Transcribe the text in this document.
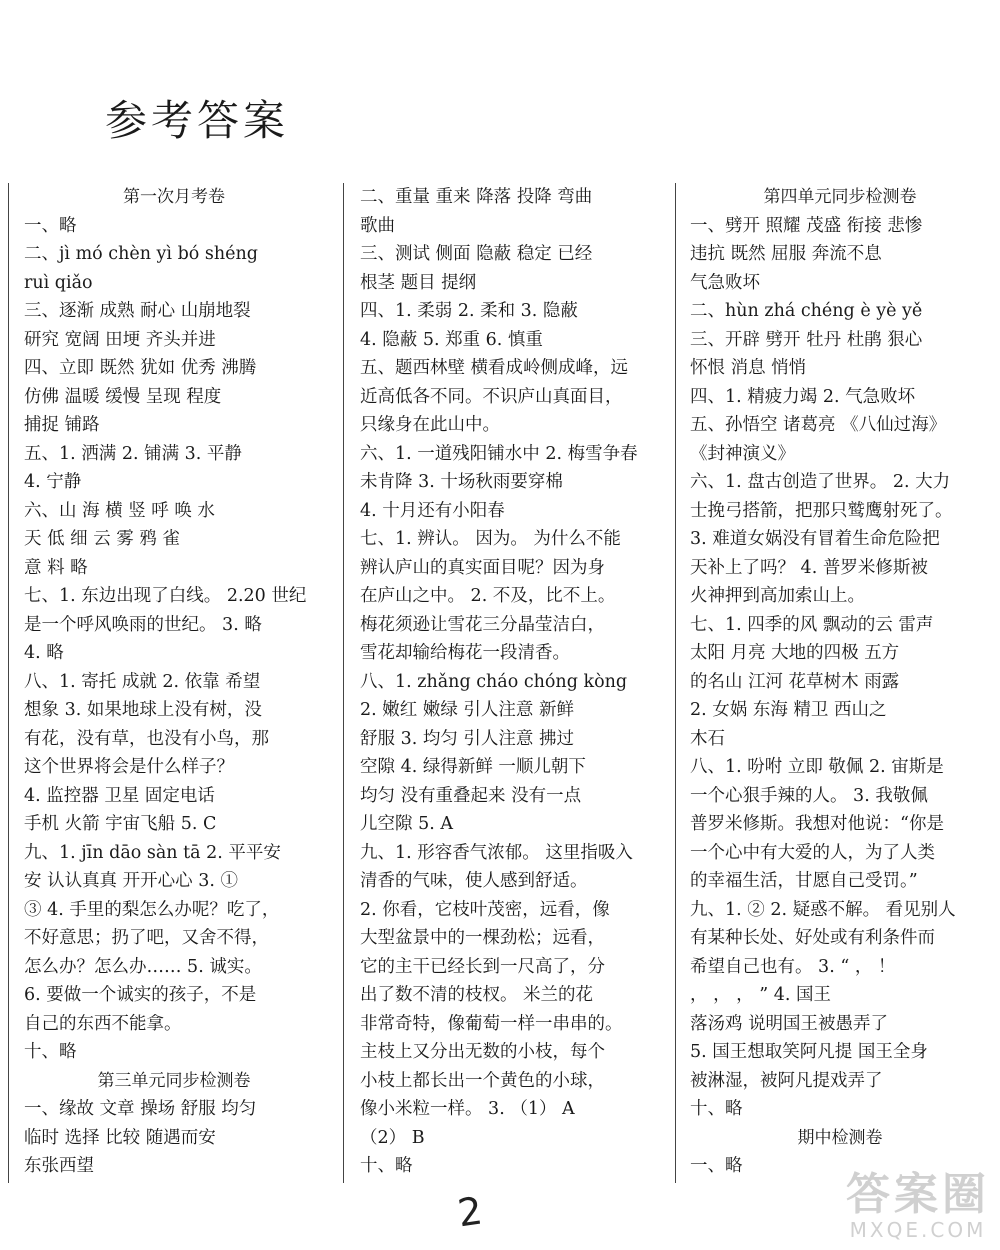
参考答案
第一次月考卷
一、略
二、jì mó chèn yì bó shéng
ruì qiǎo
三、逐渐 成熟 耐心 山崩地裂
研究 宽阔 田埂 齐头并进
四、立即 既然 犹如 优秀 沸腾
仿佛 温暖 缓慢 呈现 程度
捕捉 铺路
五、1. 洒满 2. 铺满 3. 平静
4. 宁静
六、山 海 横 竖 呼 唤 水
天 低 细 云 雾 鸦 雀
意 料 略
七、1. 东边出现了白线。 2.20 世纪
是一个呼风唤雨的世纪。 3. 略
4. 略
八、1. 寄托 成就 2. 依靠 希望
想象 3. 如果地球上没有树，没
有花，没有草，也没有小鸟，那
这个世界将会是什么样子？
4. 监控器 卫星 固定电话
手机 火箭 宇宙飞船 5. C
九、1. jīn dāo sàn tā 2. 平平安
安 认认真真 开开心心 3. ①
③ 4. 手里的梨怎么办呢？吃了，
不好意思；扔了吧，又舍不得，
怎么办？怎么办…… 5. 诚实。
6. 要做一个诚实的孩子，不是
自己的东西不能拿。
十、略
第三单元同步检测卷
一、缘故 文章 操场 舒服 均匀
临时 选择 比较 随遇而安
东张西望
二、重量 重来 降落 投降 弯曲
歌曲
三、测试 侧面 隐蔽 稳定 已经
根茎 题目 提纲
四、1. 柔弱 2. 柔和 3. 隐蔽
4. 隐蔽 5. 郑重 6. 慎重
五、题西林壁 横看成岭侧成峰，远
近高低各不同。不识庐山真面目，
只缘身在此山中。
六、1. 一道残阳铺水中 2. 梅雪争春
未肯降 3. 十场秋雨要穿棉
4. 十月还有小阳春
七、1. 辨认。 因为。 为什么不能
辨认庐山的真实面目呢？因为身
在庐山之中。 2. 不及，比不上。
梅花须逊让雪花三分晶莹洁白，
雪花却输给梅花一段清香。
八、1. zhǎng cháo chóng kòng
2. 嫩红 嫩绿 引人注意 新鲜
舒服 3. 均匀 引人注意 拂过
空隙 4. 绿得新鲜 一顺儿朝下
均匀 没有重叠起来 没有一点
儿空隙 5. A
九、1. 形容香气浓郁。 这里指吸入
清香的气味，使人感到舒适。
2. 你看，它枝叶茂密，远看，像
大型盆景中的一棵劲松；远看，
它的主干已经长到一尺高了，分
出了数不清的枝杈。 米兰的花
非常奇特，像葡萄一样一串串的。
主枝上又分出无数的小枝，每个
小枝上都长出一个黄色的小球，
像小米粒一样。 3. （1） A
（2） B
十、略
第四单元同步检测卷
一、劈开 照耀 茂盛 衔接 悲惨
违抗 既然 屈服 奔流不息
气急败坏
二、hùn zhá chéng è yè yě
三、开辟 劈开 牡丹 杜鹃 狠心
怀恨 消息 悄悄
四、1. 精疲力竭 2. 气急败坏
五、孙悟空 诸葛亮 《八仙过海》
《封神演义》
六、1. 盘古创造了世界。 2. 大力
士挽弓搭箭，把那只鹫鹰射死了。
3. 难道女娲没有冒着生命危险把
天补上了吗？ 4. 普罗米修斯被
火神押到高加索山上。
七、1. 四季的风 飘动的云 雷声
太阳 月亮 大地的四极 五方
的名山 江河 花草树木 雨露
2. 女娲 东海 精卫 西山之
木石
八、1. 吩咐 立即 敬佩 2. 宙斯是
一个心狠手辣的人。 3. 我敬佩
普罗米修斯。我想对他说：“你是
一个心中有大爱的人，为了人类
的幸福生活，甘愿自己受罚。”
九、1. ② 2. 疑惑不解。 看见别人
有某种长处、好处或有利条件而
希望自己也有。 3. “ ， ！
， ， ， ” 4. 国王
落汤鸡 说明国王被愚弄了
5. 国王想取笑阿凡提 国王全身
被淋湿，被阿凡提戏弄了
十、略
期中检测卷
一、略
2	答案圈
MXQE.COM
